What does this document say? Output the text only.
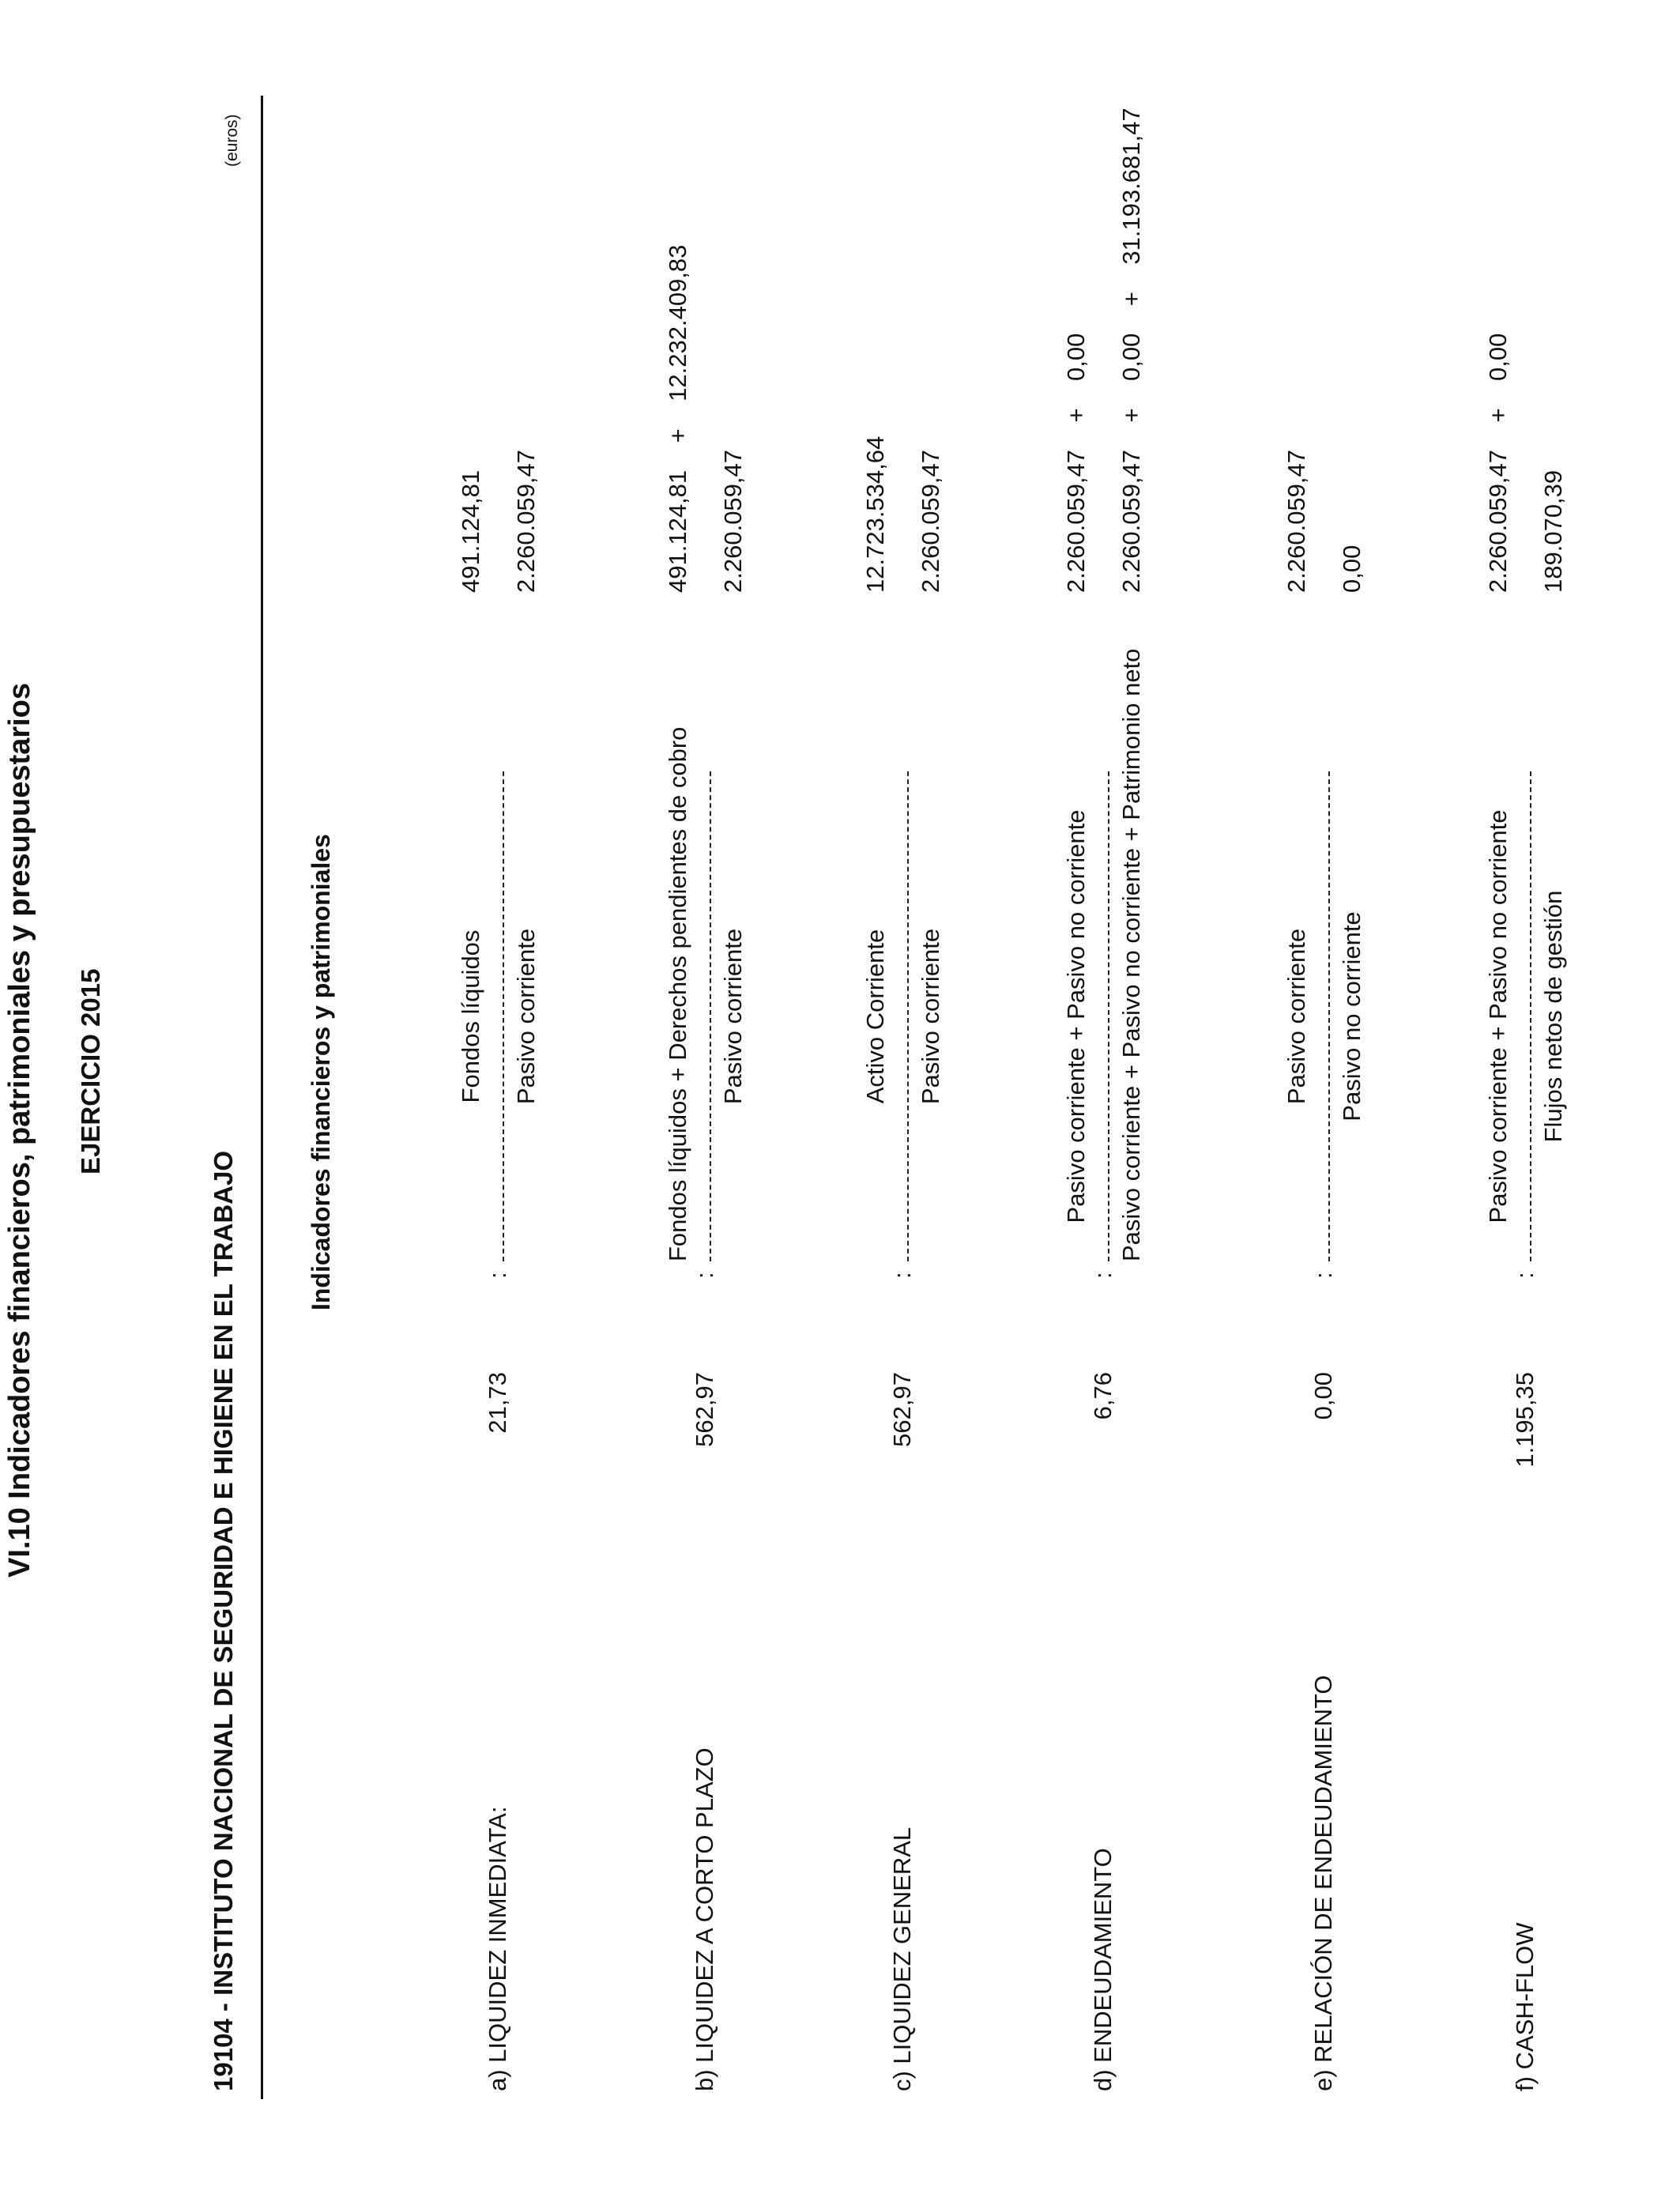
VI.10 Indicadores financieros, patrimoniales y presupuestarios EJERCICIO 2015
19104 - INSTITUTO NACIONAL DE SEGURIDAD E HIGIENE EN EL TRABAJO
(euros)
Indicadores financieros y patrimoniales
a) LIQUIDEZ INMEDIATA:
21,73
:
Fondos líquidos Pasivo corriente
491.124,81 2.260.059,47
b) LIQUIDEZ A CORTO PLAZO
562,97
:
Fondos líquidos + Derechos pendientes de cobro Pasivo corriente
491.124,81    +    12.232.409,83 2.260.059,47
c) LIQUIDEZ GENERAL
562,97
:
Activo Corriente Pasivo corriente
12.723.534,64 2.260.059,47
d) ENDEUDAMIENTO
6,76
:
Pasivo corriente + Pasivo no corriente Pasivo corriente + Pasivo no corriente + Patrimonio neto
2.260.059,47    +    0,00 2.260.059,47    +    0,00    +    31.193.681,47
e) RELACIÓN DE ENDEUDAMIENTO
0,00
:
Pasivo corriente Pasivo no corriente
2.260.059,47 0,00
f) CASH-FLOW
1.195,35
:
Pasivo corriente + Pasivo no corriente Flujos netos de gestión
2.260.059,47    +    0,00 189.070,39
